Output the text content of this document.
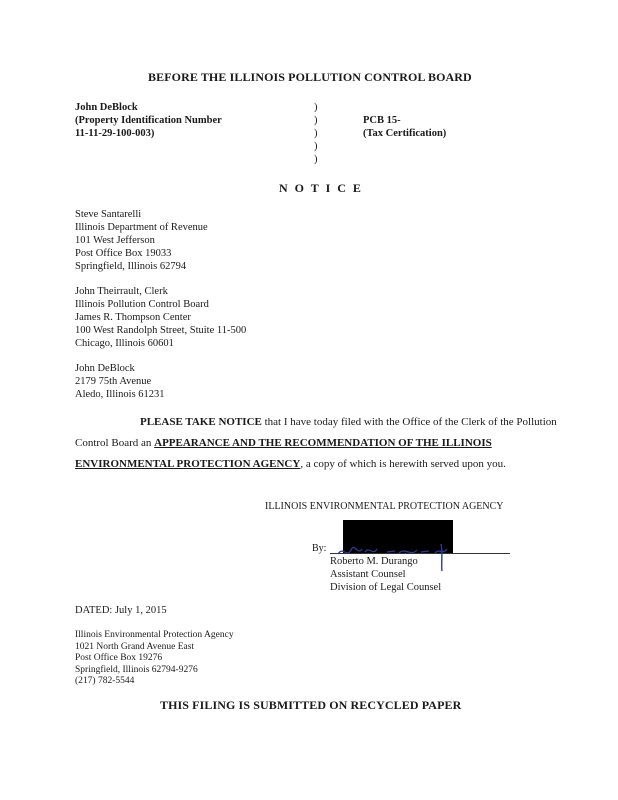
BEFORE THE ILLINOIS POLLUTION CONTROL BOARD
John DeBlock
(Property Identification Number
11-11-29-100-003)
)
)
)
)
)
PCB 15-
(Tax Certification)
N O T I C E
Steve Santarelli
Illinois Department of Revenue
101 West Jefferson
Post Office Box 19033
Springfield, Illinois 62794
John Theirrault, Clerk
Illinois Pollution Control Board
James R. Thompson Center
100 West Randolph Street, Stuite 11-500
Chicago, Illinois 60601
John DeBlock
2179 75th Avenue
Aledo, Illinois 61231
PLEASE TAKE NOTICE that I have today filed with the Office of the Clerk of the Pollution
Control Board an APPEARANCE AND THE RECOMMENDATION OF THE ILLINOIS
ENVIRONMENTAL PROTECTION AGENCY, a copy of which is herewith served upon you.
ILLINOIS ENVIRONMENTAL PROTECTION AGENCY
By:
Roberto M. Durango
Assistant Counsel
Division of Legal Counsel
DATED: July 1, 2015
Illinois Environmental Protection Agency
1021 North Grand Avenue East
Post Office Box 19276
Springfield, Illinois 62794-9276
(217) 782-5544
THIS FILING IS SUBMITTED ON RECYCLED PAPER
